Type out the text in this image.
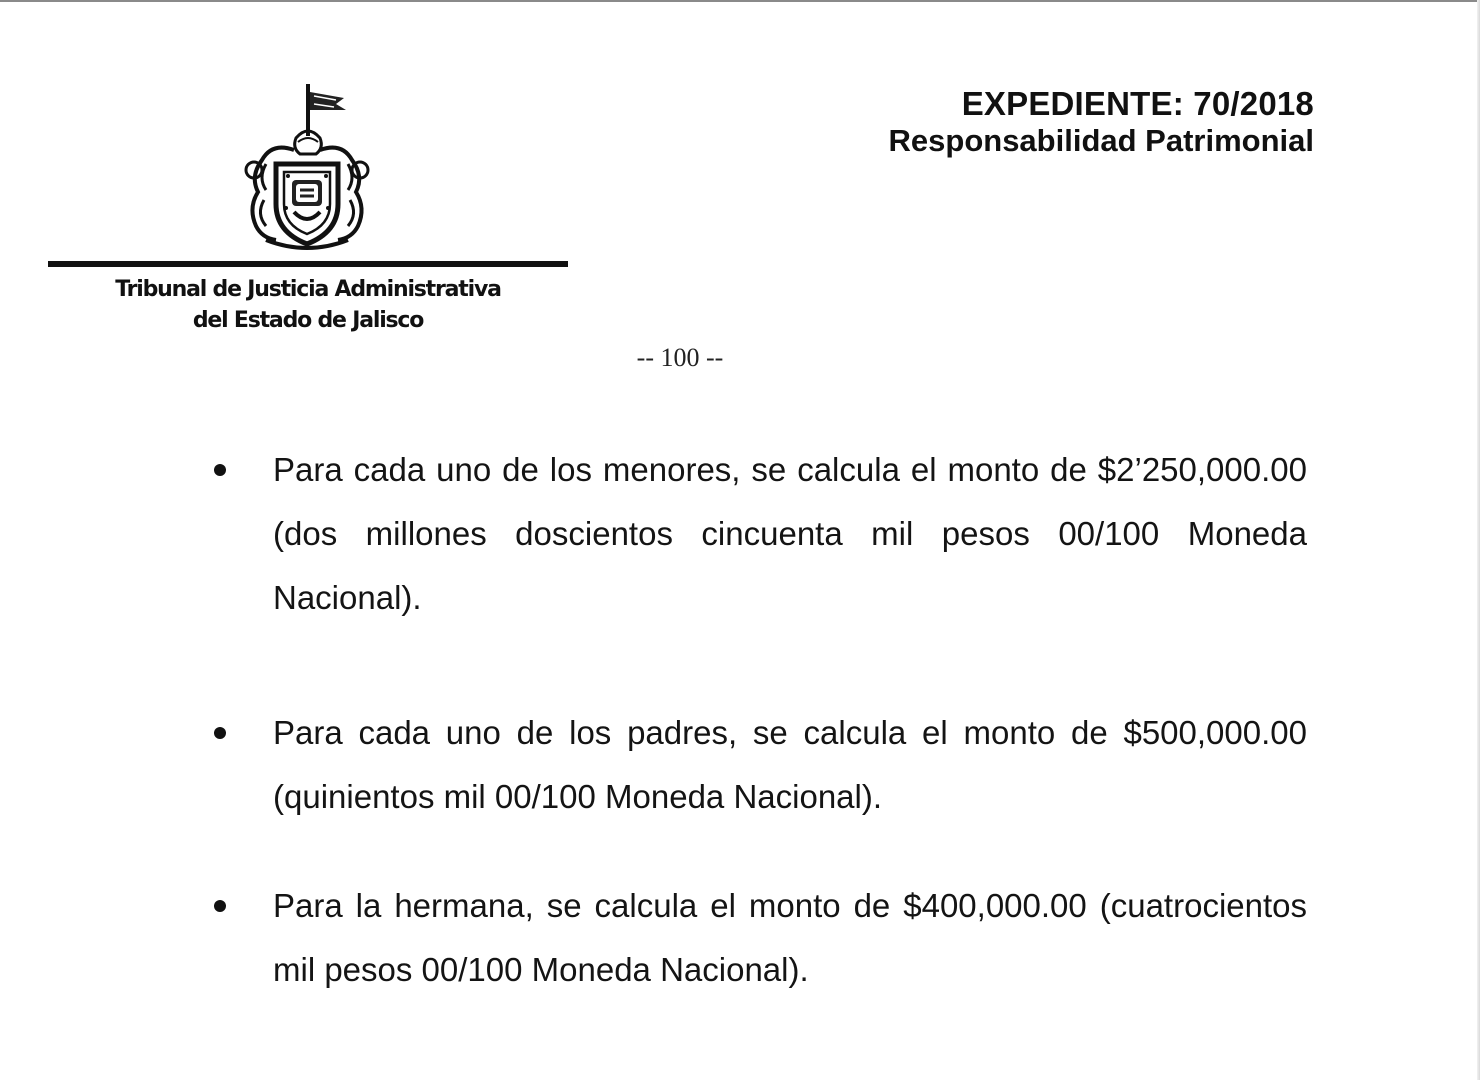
Tribunal de Justicia Administrativa
del Estado de Jalisco
EXPEDIENTE: 70/2018
Responsabilidad Patrimonial
-- 100 --
Para cada uno de los menores, se calcula el monto de $2’250,000.00 (dos millones doscientos cincuenta mil pesos 00/100 Moneda Nacional).
Para cada uno de los padres, se calcula el monto de $500,000.00 (quinientos mil 00/100 Moneda Nacional).
Para la hermana, se calcula el monto de $400,000.00 (cuatrocientos mil pesos 00/100 Moneda Nacional).
